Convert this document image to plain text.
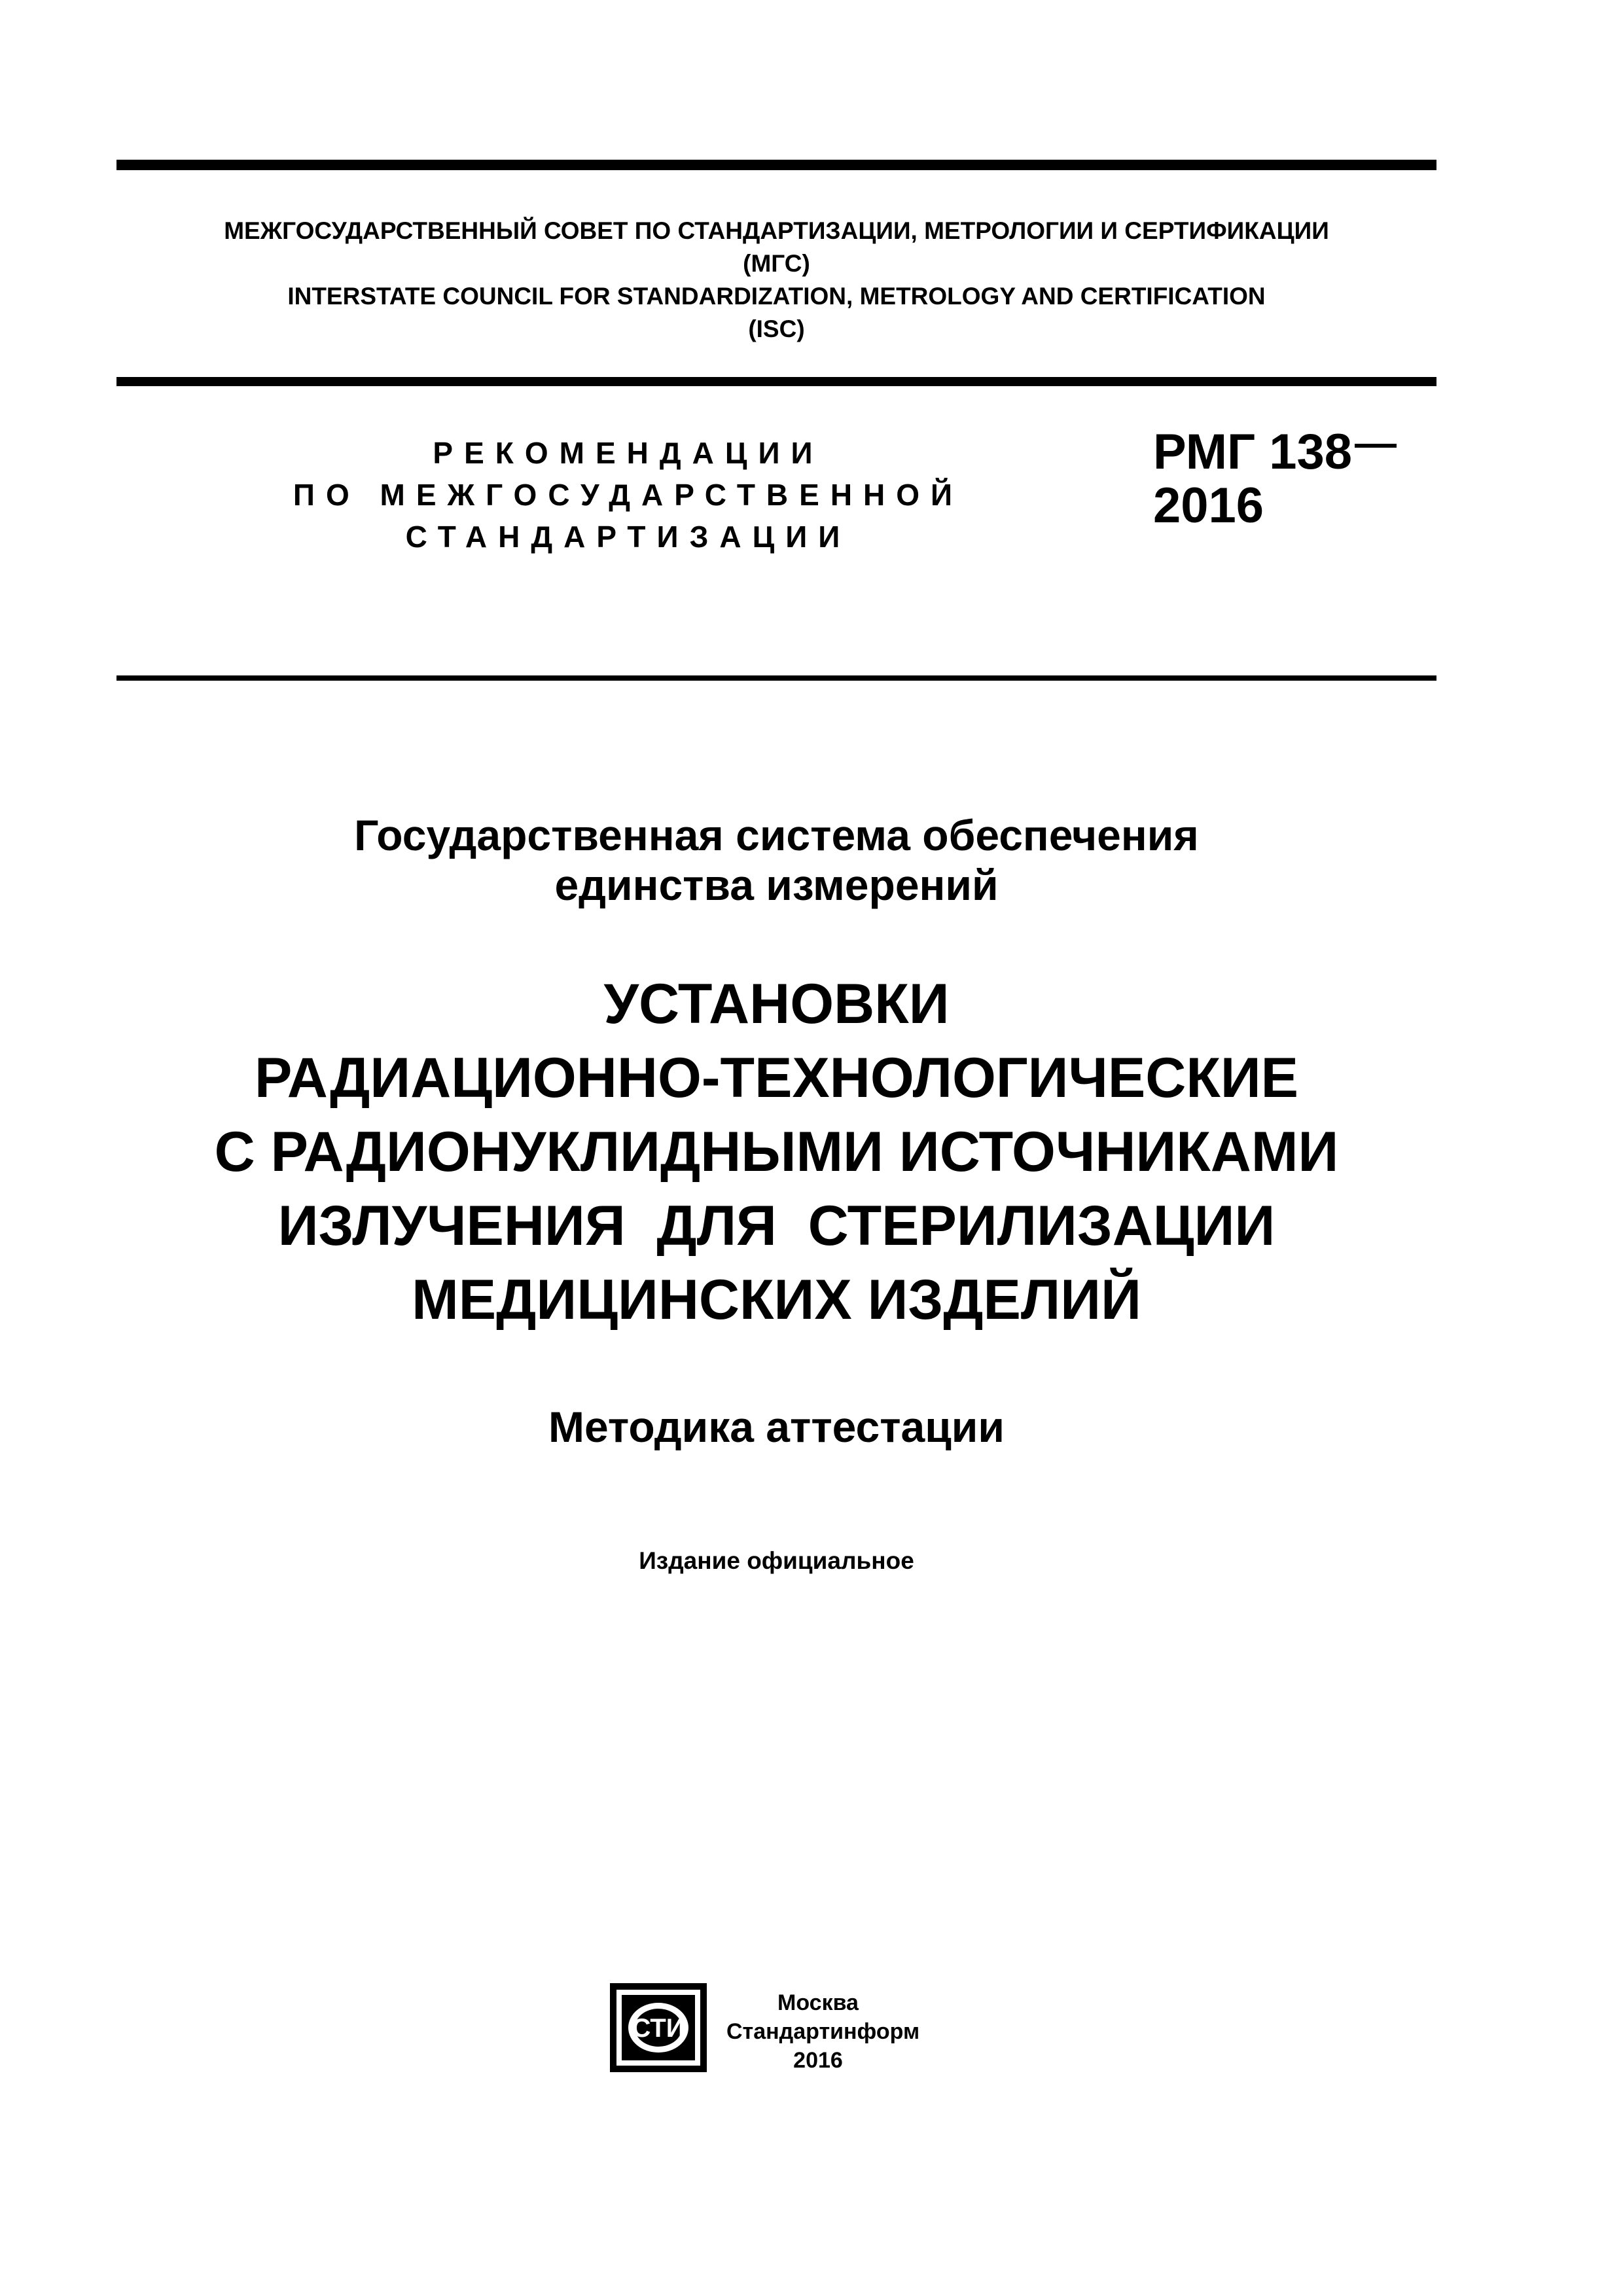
МЕЖГОСУДАРСТВЕННЫЙ СОВЕТ ПО СТАНДАРТИЗАЦИИ, МЕТРОЛОГИИ И СЕРТИФИКАЦИИ
(МГС)
INTERSTATE COUNCIL FOR STANDARDIZATION, METROLOGY AND CERTIFICATION
(ISC)
РЕКОМЕНДАЦИИ
ПО МЕЖГОСУДАРСТВЕННОЙ
СТАНДАРТИЗАЦИИ
РМГ 138
2016
Государственная система обеспечения
единства измерений
УСТАНОВКИ
РАДИАЦИОННО-ТЕХНОЛОГИЧЕСКИЕ
С РАДИОНУКЛИДНЫМИ ИСТОЧНИКАМИ
ИЗЛУЧЕНИЯ  ДЛЯ  СТЕРИЛИЗАЦИИ
МЕДИЦИНСКИХ ИЗДЕЛИЙ
Методика аттестации
Издание официальное
СТИ
Москва
Стандартинформ
2016
